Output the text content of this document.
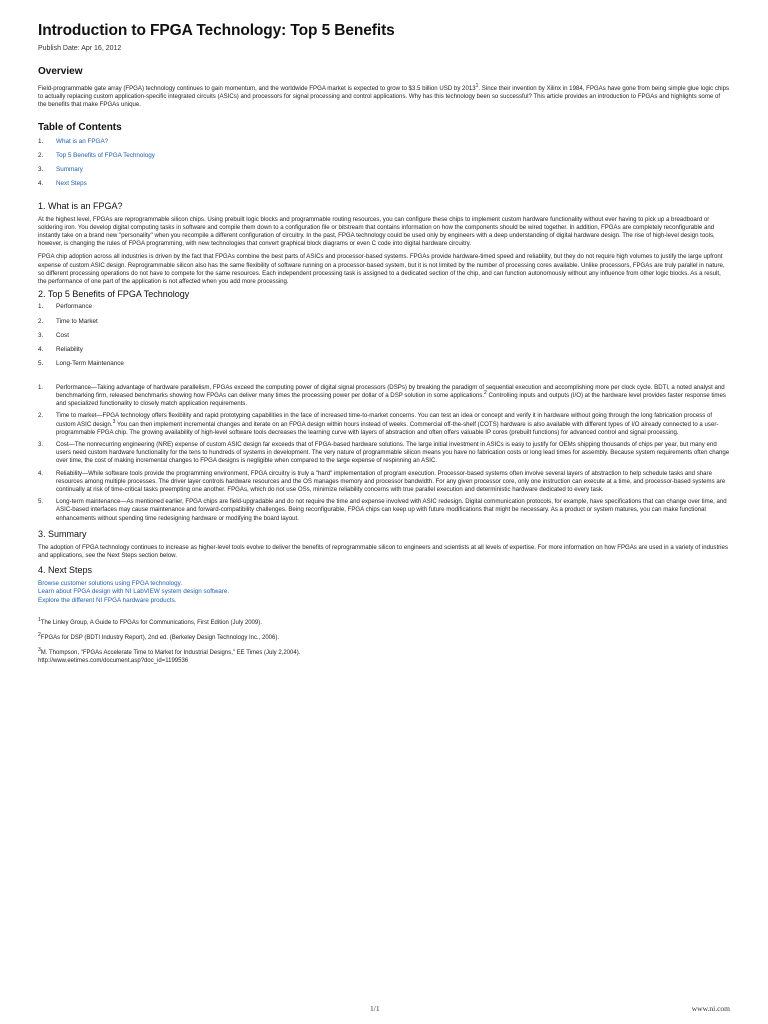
Introduction to FPGA Technology: Top 5 Benefits
Publish Date: Apr 16, 2012
Overview

Field-programmable gate array (FPGA) technology continues to gain momentum, and the worldwide FPGA market is expected to grow to $3.5 billion USD by 2013$^1$. Since their invention by Xilinx in 1984, FPGAs have gone from being simple glue logic chips to actually replacing custom application-specific integrated circuits (ASICs) and processors for signal processing and control applications. Why has this technology been so successful? This article provides an introduction to FPGAs and highlights some of the benefits that make FPGAs unique.

Table of Contents
1. What is an FPGA?
2. Top 5 Benefits of FPGA Technology
3. Summary
4. Next Steps
1. What is an FPGA?

At the highest level, FPGAs are reprogrammable silicon chips. Using prebuilt logic blocks and programmable routing resources, you can configure these chips to implement custom hardware functionality without ever having to pick up a breadboard or soldering iron. You develop digital computing tasks in software and compile them down to a configuration file or bitstream that contains information on how the components should be wired together. In addition, FPGAs are completely reconfigurable and instantly take on a brand new "personality" when you recompile a different configuration of circuitry. In the past, FPGA technology could be used only by engineers with a deep understanding of digital hardware design. The rise of high-level design tools, however, is changing the rules of FPGA programming, with new technologies that convert graphical block diagrams or even C code into digital hardware circuitry.

FPGA chip adoption across all industries is driven by the fact that FPGAs combine the best parts of ASICs and processor-based systems. FPGAs provide hardware-timed speed and reliability, but they do not require high volumes to justify the large upfront expense of custom ASIC design. Reprogrammable silicon also has the same flexibility of software running on a processor-based system, but it is not limited by the number of processing cores available. Unlike processors, FPGAs are truly parallel in nature, so different processing operations do not have to compete for the same resources. Each independent processing task is assigned to a dedicated section of the chip, and can function autonomously without any influence from other logic blocks. As a result, the performance of one part of the application is not affected when you add more processing.

2. Top 5 Benefits of FPGA Technology
1. Performance
2. Time to Market
3. Cost
4. Reliability
5. Long-Term Maintenance
1. Performance—Taking advantage of hardware parallelism, FPGAs exceed the computing power of digital signal processors (DSPs) by breaking the paradigm of sequential execution and accomplishing more per clock cycle. BDTI, a noted analyst and benchmarking firm, released benchmarks showing how FPGAs can deliver many times the processing power per dollar of a DSP solution in some applications.$^2$ Controlling inputs and outputs (I/O) at the hardware level provides faster response times and specialized functionality to closely match application requirements.
2. Time to market—FPGA technology offers flexibility and rapid prototyping capabilities in the face of increased time-to-market concerns. You can test an idea or concept and verify it in hardware without going through the long fabrication process of custom ASIC design.$^3$ You can then implement incremental changes and iterate on an FPGA design within hours instead of weeks. Commercial off-the-shelf (COTS) hardware is also available with different types of I/O already connected to a user-programmable FPGA chip. The growing availability of high-level software tools decreases the learning curve with layers of abstraction and often offers valuable IP cores (prebuilt functions) for advanced control and signal processing.
3. Cost—The nonrecurring engineering (NRE) expense of custom ASIC design far exceeds that of FPGA-based hardware solutions. The large initial investment in ASICs is easy to justify for OEMs shipping thousands of chips per year, but many end users need custom hardware functionality for the tens to hundreds of systems in development. The very nature of programmable silicon means you have no fabrication costs or long lead times for assembly. Because system requirements often change over time, the cost of making incremental changes to FPGA designs is negligible when compared to the large expense of respinning an ASIC.
4. Reliability—While software tools provide the programming environment, FPGA circuitry is truly a "hard" implementation of program execution. Processor-based systems often involve several layers of abstraction to help schedule tasks and share resources among multiple processes. The driver layer controls hardware resources and the OS manages memory and processor bandwidth. For any given processor core, only one instruction can execute at a time, and processor-based systems are continually at risk of time-critical tasks preempting one another. FPGAs, which do not use OSs, minimize reliability concerns with true parallel execution and deterministic hardware dedicated to every task.
5. Long-term maintenance—As mentioned earlier, FPGA chips are field-upgradable and do not require the time and expense involved with ASIC redesign. Digital communication protocols, for example, have specifications that can change over time, and ASIC-based interfaces may cause maintenance and forward-compatibility challenges. Being reconfigurable, FPGA chips can keep up with future modifications that might be necessary. As a product or system matures, you can make functional enhancements without spending time redesigning hardware or modifying the board layout.
3. Summary

The adoption of FPGA technology continues to increase as higher-level tools evolve to deliver the benefits of reprogrammable silicon to engineers and scientists at all levels of expertise. For more information on how FPGAs are used in a variety of industries and applications, see the Next Steps section below.

4. Next Steps
Browse customer solutions using FPGA technology.
Learn about FPGA design with NI LabVIEW system design software.
Explore the different NI FPGA hardware products.
$^1$The Linley Group, A Guide to FPGAs for Communications, First Edition (July 2009).
$^2$FPGAs for DSP (BDTI Industry Report), 2nd ed. (Berkeley Design Technology Inc., 2006).
$^3$M. Thompson, "FPGAs Accelerate Time to Market for Industrial Designs," EE Times (July 2,2004).
http://www.eetimes.com/document.asp?doc_id=1199536
1/1	www.ni.com
